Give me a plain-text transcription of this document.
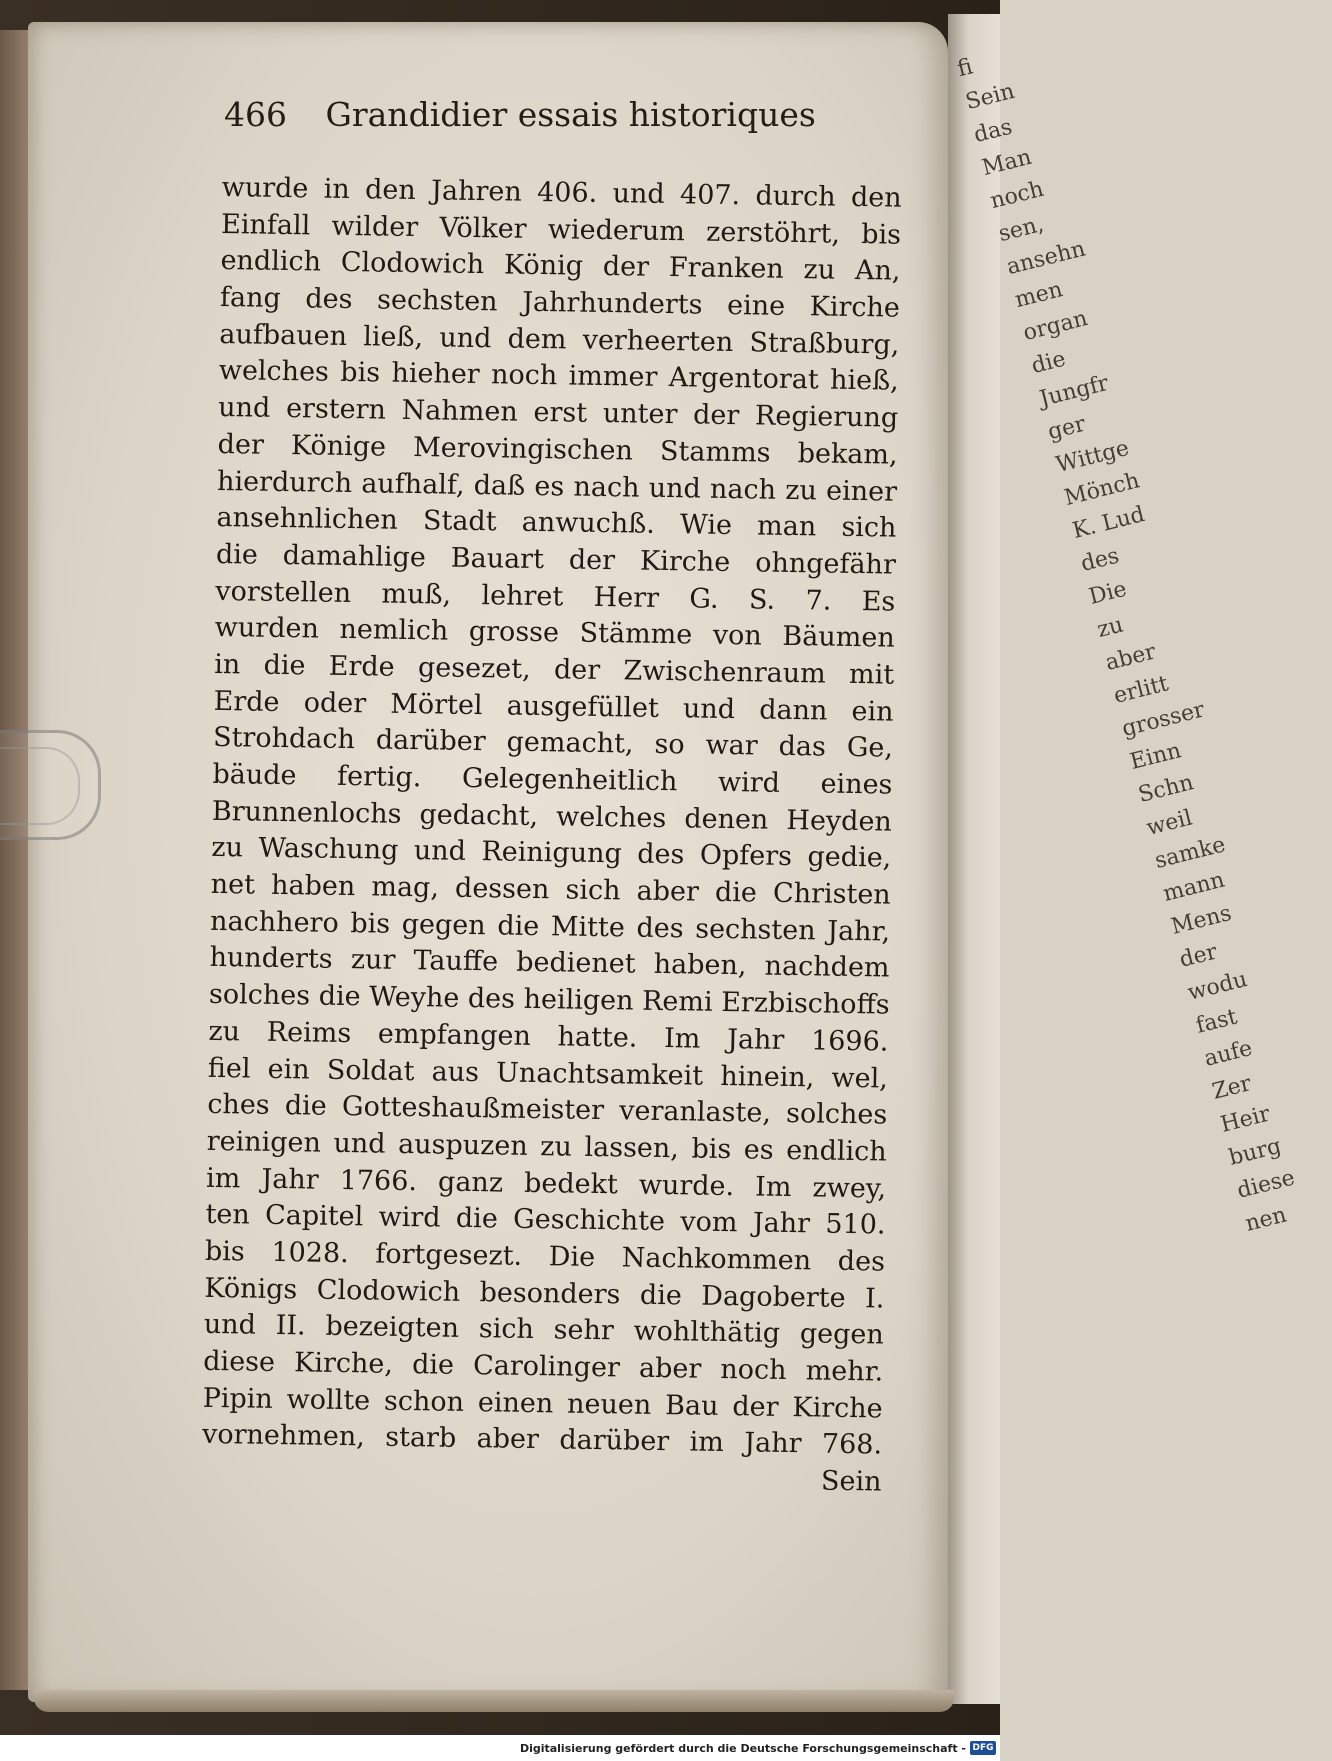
fi
Sein
das
Man
noch
sen,
ansehn
men
organ
die
Jungfr
ger
Wittge
Mönch
K. Lud
des
Die
zu
aber
erlitt
grosser
Einn
Schn
weil
samke
mann
Mens
der
wodu
fast
aufe
Zer
Heir
burg
diese
nen
466 Grandidier essais historiques
wurde in den Jahren 406. und 407. durch den
Einfall wilder Völker wiederum zerstöhrt, bis
endlich Clodowich König der Franken zu An,
fang des sechsten Jahrhunderts eine Kirche
aufbauen ließ, und dem verheerten Straßburg,
welches bis hieher noch immer Argentorat hieß,
und erstern Nahmen erst unter der Regierung
der Könige Merovingischen Stamms bekam,
hierdurch aufhalf, daß es nach und nach zu einer
ansehnlichen Stadt anwuchß. Wie man sich
die damahlige Bauart der Kirche ohngefähr
vorstellen muß, lehret Herr G. S. 7. Es
wurden nemlich grosse Stämme von Bäumen
in die Erde gesezet, der Zwischenraum mit
Erde oder Mörtel ausgefüllet und dann ein
Strohdach darüber gemacht, so war das Ge,
bäude fertig. Gelegenheitlich wird eines
Brunnenlochs gedacht, welches denen Heyden
zu Waschung und Reinigung des Opfers gedie,
net haben mag, dessen sich aber die Christen
nachhero bis gegen die Mitte des sechsten Jahr,
hunderts zur Tauffe bedienet haben, nachdem
solches die Weyhe des heiligen Remi Erzbischoffs
zu Reims empfangen hatte. Im Jahr 1696.
fiel ein Soldat aus Unachtsamkeit hinein, wel,
ches die Gotteshaußmeister veranlaste, solches
reinigen und auspuzen zu lassen, bis es endlich
im Jahr 1766. ganz bedekt wurde. Im zwey,
ten Capitel wird die Geschichte vom Jahr 510.
bis 1028. fortgesezt. Die Nachkommen des
Königs Clodowich besonders die Dagoberte I.
und II. bezeigten sich sehr wohlthätig gegen
diese Kirche, die Carolinger aber noch mehr.
Pipin wollte schon einen neuen Bau der Kirche
vornehmen, starb aber darüber im Jahr 768.
Sein
Digitalisierung gefördert durch die Deutsche Forschungsgemeinschaft - DFG
